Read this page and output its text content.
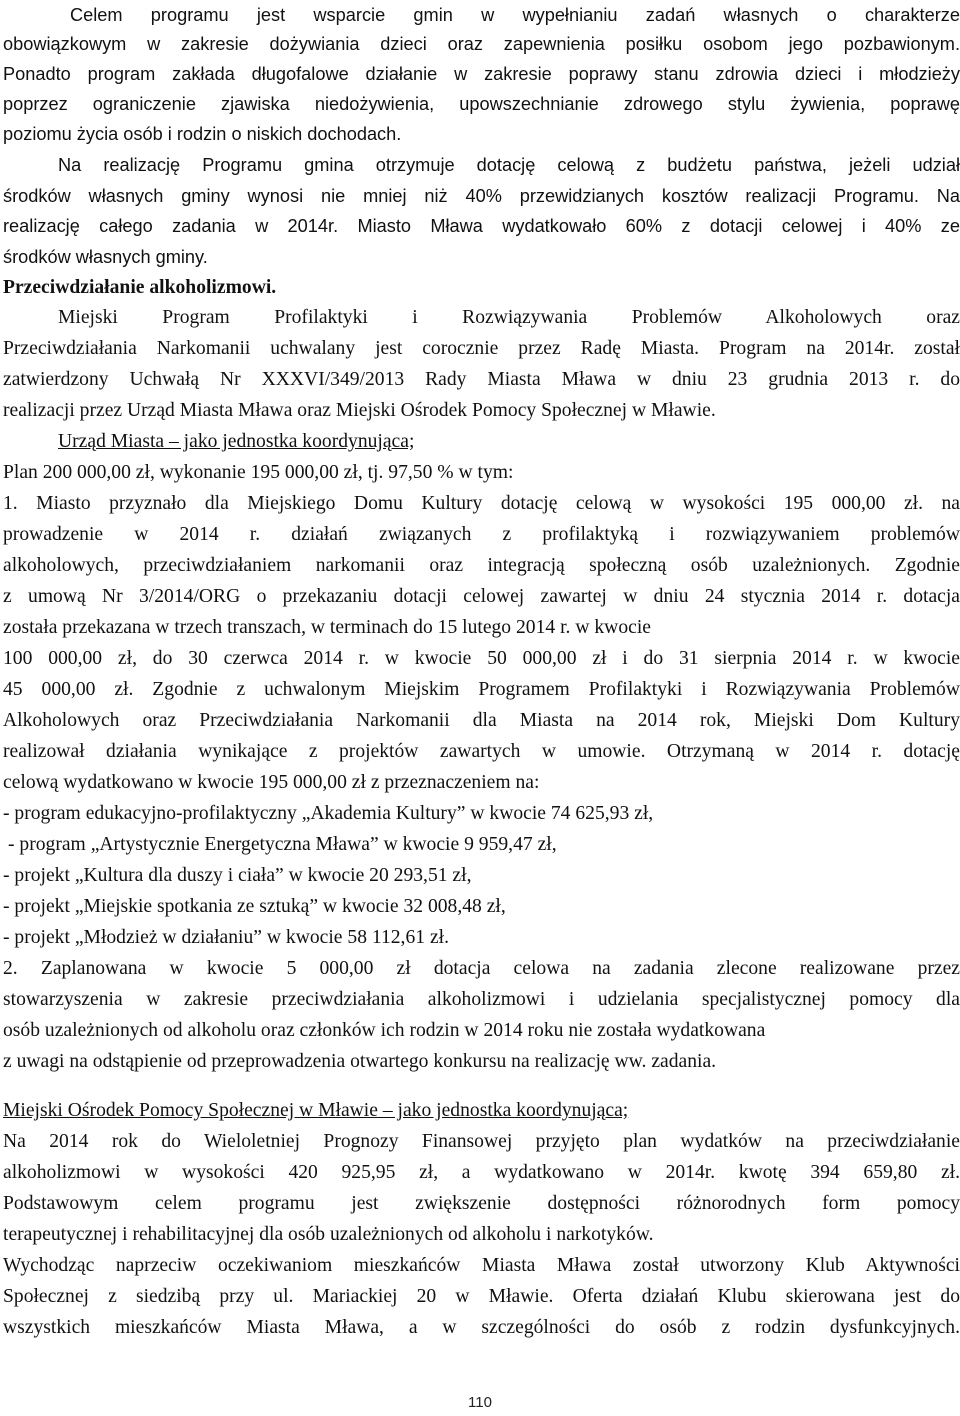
Celem programu jest wsparcie gmin w wypełnianiu zadań własnych o charakterze
obowiązkowym w zakresie dożywiania dzieci oraz zapewnienia posiłku osobom jego pozbawionym.
Ponadto program zakłada długofalowe działanie w zakresie poprawy stanu zdrowia dzieci i młodzieży
poprzez ograniczenie zjawiska niedożywienia, upowszechnianie zdrowego stylu żywienia, poprawę
poziomu życia osób i rodzin o niskich dochodach.
Na realizację Programu gmina otrzymuje dotację celową z budżetu państwa, jeżeli udział
środków własnych gminy wynosi nie mniej niż 40% przewidzianych kosztów realizacji Programu. Na
realizację całego zadania w 2014r. Miasto Mława wydatkowało 60% z dotacji celowej i 40% ze
środków własnych gminy.
Przeciwdziałanie alkoholizmowi.
Miejski Program Profilaktyki i Rozwiązywania Problemów Alkoholowych oraz
Przeciwdziałania Narkomanii uchwalany jest corocznie przez Radę Miasta. Program na 2014r. został
zatwierdzony Uchwałą Nr XXXVI/349/2013 Rady Miasta Mława w dniu 23 grudnia 2013 r. do
realizacji przez Urząd Miasta Mława oraz Miejski Ośrodek Pomocy Społecznej w Mławie.
Urząd Miasta – jako jednostka koordynująca;
Plan 200 000,00 zł, wykonanie 195 000,00 zł, tj. 97,50 % w tym:
1. Miasto przyznało dla Miejskiego Domu Kultury dotację celową w wysokości 195 000,00 zł. na
prowadzenie w 2014 r. działań związanych z profilaktyką i rozwiązywaniem problemów
alkoholowych, przeciwdziałaniem narkomanii oraz integracją społeczną osób uzależnionych. Zgodnie
z umową Nr 3/2014/ORG o przekazaniu dotacji celowej zawartej w dniu 24 stycznia 2014 r. dotacja
została przekazana w trzech transzach, w terminach do 15 lutego 2014 r. w kwocie
100 000,00 zł, do 30 czerwca 2014 r. w kwocie 50 000,00 zł i do 31 sierpnia 2014 r. w kwocie
45 000,00 zł. Zgodnie z uchwalonym Miejskim Programem Profilaktyki i Rozwiązywania Problemów
Alkoholowych oraz Przeciwdziałania Narkomanii dla Miasta na 2014 rok, Miejski Dom Kultury
realizował działania wynikające z projektów zawartych w umowie. Otrzymaną w 2014 r. dotację
celową wydatkowano w kwocie 195 000,00 zł z przeznaczeniem na:
- program edukacyjno-profilaktyczny „Akademia Kultury” w kwocie 74 625,93 zł,
- program „Artystycznie Energetyczna Mława” w kwocie 9 959,47 zł,
- projekt „Kultura dla duszy i ciała” w kwocie 20 293,51 zł,
- projekt „Miejskie spotkania ze sztuką” w kwocie 32 008,48 zł,
- projekt „Młodzież w działaniu” w kwocie 58 112,61 zł.
2. Zaplanowana w kwocie 5 000,00 zł dotacja celowa na zadania zlecone realizowane przez
stowarzyszenia w zakresie przeciwdziałania alkoholizmowi i udzielania specjalistycznej pomocy dla
osób uzależnionych od alkoholu oraz członków ich rodzin w 2014 roku nie została wydatkowana
z uwagi na odstąpienie od przeprowadzenia otwartego konkursu na realizację ww. zadania.
Miejski Ośrodek Pomocy Społecznej w Mławie – jako jednostka koordynująca;
Na 2014 rok do Wieloletniej Prognozy Finansowej przyjęto plan wydatków na przeciwdziałanie
alkoholizmowi w wysokości 420 925,95 zł, a wydatkowano w 2014r. kwotę 394 659,80 zł.
Podstawowym celem programu jest zwiększenie dostępności różnorodnych form pomocy
terapeutycznej i rehabilitacyjnej dla osób uzależnionych od alkoholu i narkotyków.
Wychodząc naprzeciw oczekiwaniom mieszkańców Miasta Mława został utworzony Klub Aktywności
Społecznej z siedzibą przy ul. Mariackiej 20 w Mławie. Oferta działań Klubu skierowana jest do
wszystkich mieszkańców Miasta Mława, a w szczególności do osób z rodzin dysfunkcyjnych.
110
